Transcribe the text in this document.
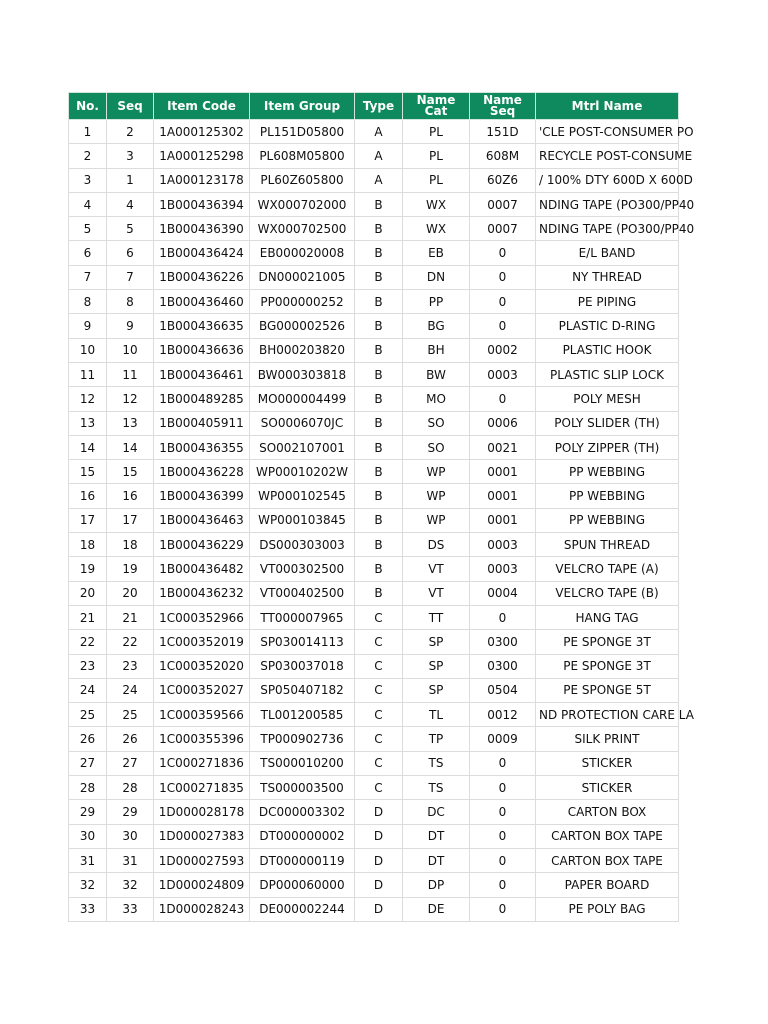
No.	Seq	Item Code	Item Group	Type	Name Cat	Name Seq	Mtrl Name
1	2	1A000125302	PL151D05800	A	PL	151D	'CLE POST-CONSUMER PO
2	3	1A000125298	PL608M05800	A	PL	608M	RECYCLE POST-CONSUME
3	1	1A000123178	PL60Z605800	A	PL	60Z6	/ 100% DTY 600D X 600D
4	4	1B000436394	WX000702000	B	WX	0007	NDING TAPE (PO300/PP40
5	5	1B000436390	WX000702500	B	WX	0007	NDING TAPE (PO300/PP40
6	6	1B000436424	EB000020008	B	EB	0	E/L BAND
7	7	1B000436226	DN000021005	B	DN	0	NY THREAD
8	8	1B000436460	PP000000252	B	PP	0	PE PIPING
9	9	1B000436635	BG000002526	B	BG	0	PLASTIC D-RING
10	10	1B000436636	BH000203820	B	BH	0002	PLASTIC HOOK
11	11	1B000436461	BW000303818	B	BW	0003	PLASTIC SLIP LOCK
12	12	1B000489285	MO000004499	B	MO	0	POLY MESH
13	13	1B000405911	SO0006070JC	B	SO	0006	POLY SLIDER (TH)
14	14	1B000436355	SO002107001	B	SO	0021	POLY ZIPPER (TH)
15	15	1B000436228	WP00010202W	B	WP	0001	PP WEBBING
16	16	1B000436399	WP000102545	B	WP	0001	PP WEBBING
17	17	1B000436463	WP000103845	B	WP	0001	PP WEBBING
18	18	1B000436229	DS000303003	B	DS	0003	SPUN THREAD
19	19	1B000436482	VT000302500	B	VT	0003	VELCRO TAPE (A)
20	20	1B000436232	VT000402500	B	VT	0004	VELCRO TAPE (B)
21	21	1C000352966	TT000007965	C	TT	0	HANG TAG
22	22	1C000352019	SP030014113	C	SP	0300	PE SPONGE 3T
23	23	1C000352020	SP030037018	C	SP	0300	PE SPONGE 3T
24	24	1C000352027	SP050407182	C	SP	0504	PE SPONGE 5T
25	25	1C000359566	TL001200585	C	TL	0012	ND PROTECTION CARE LA
26	26	1C000355396	TP000902736	C	TP	0009	SILK PRINT
27	27	1C000271836	TS000010200	C	TS	0	STICKER
28	28	1C000271835	TS000003500	C	TS	0	STICKER
29	29	1D000028178	DC000003302	D	DC	0	CARTON BOX
30	30	1D000027383	DT000000002	D	DT	0	CARTON BOX TAPE
31	31	1D000027593	DT000000119	D	DT	0	CARTON BOX TAPE
32	32	1D000024809	DP000060000	D	DP	0	PAPER BOARD
33	33	1D000028243	DE000002244	D	DE	0	PE POLY BAG
